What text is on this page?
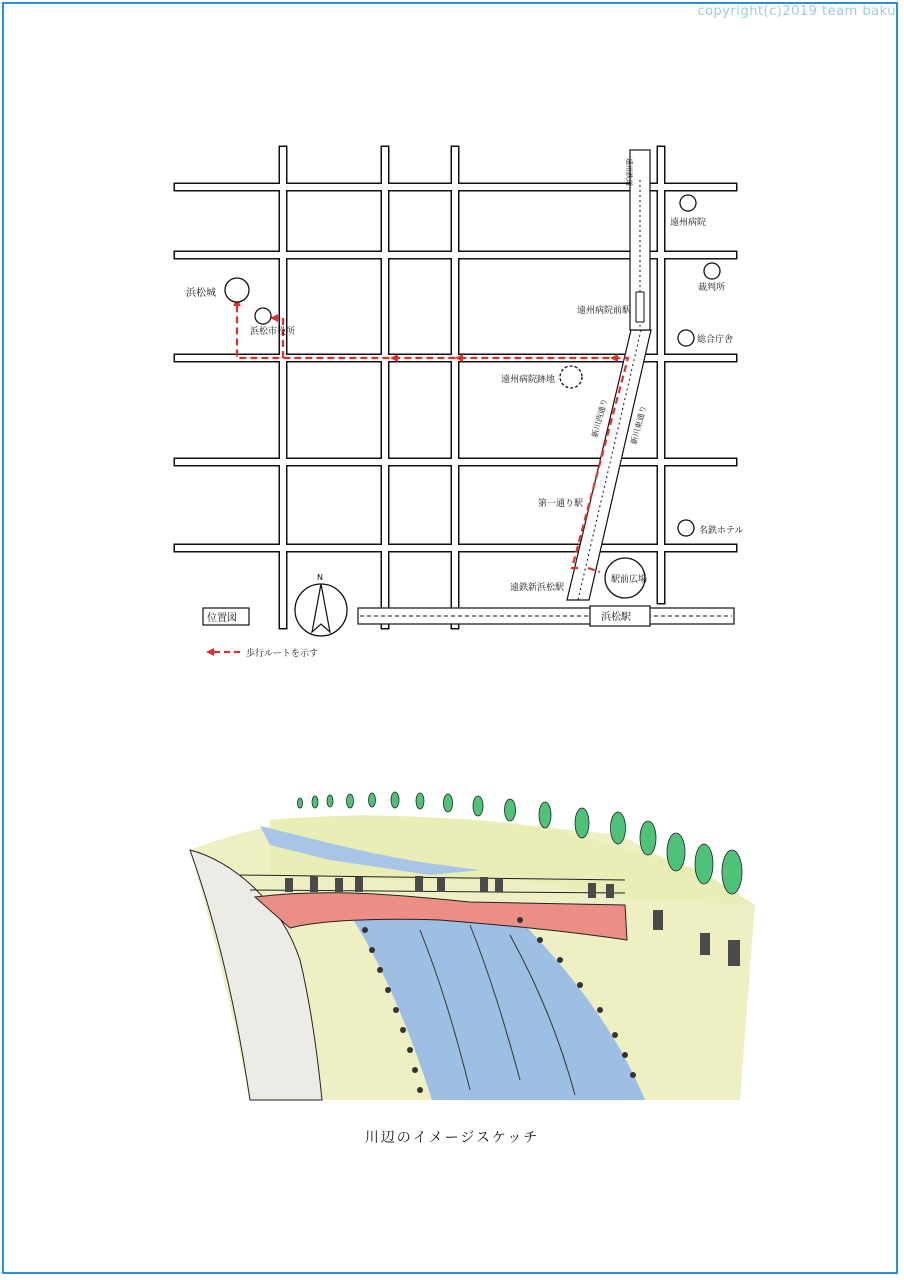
copyright(c)2019 team baku
浜松城
浜松市役所
遠州病院
裁判所
遠州病院前駅
総合庁舎
遠州病院跡地
第一通り駅
名鉄ホテル
遠鉄新浜松駅
駅前広場
浜松駅
N
位置図
歩行ルートを示す
新川西通り 新川東通り
遠州鉄道
川辺のイメージスケッチ
